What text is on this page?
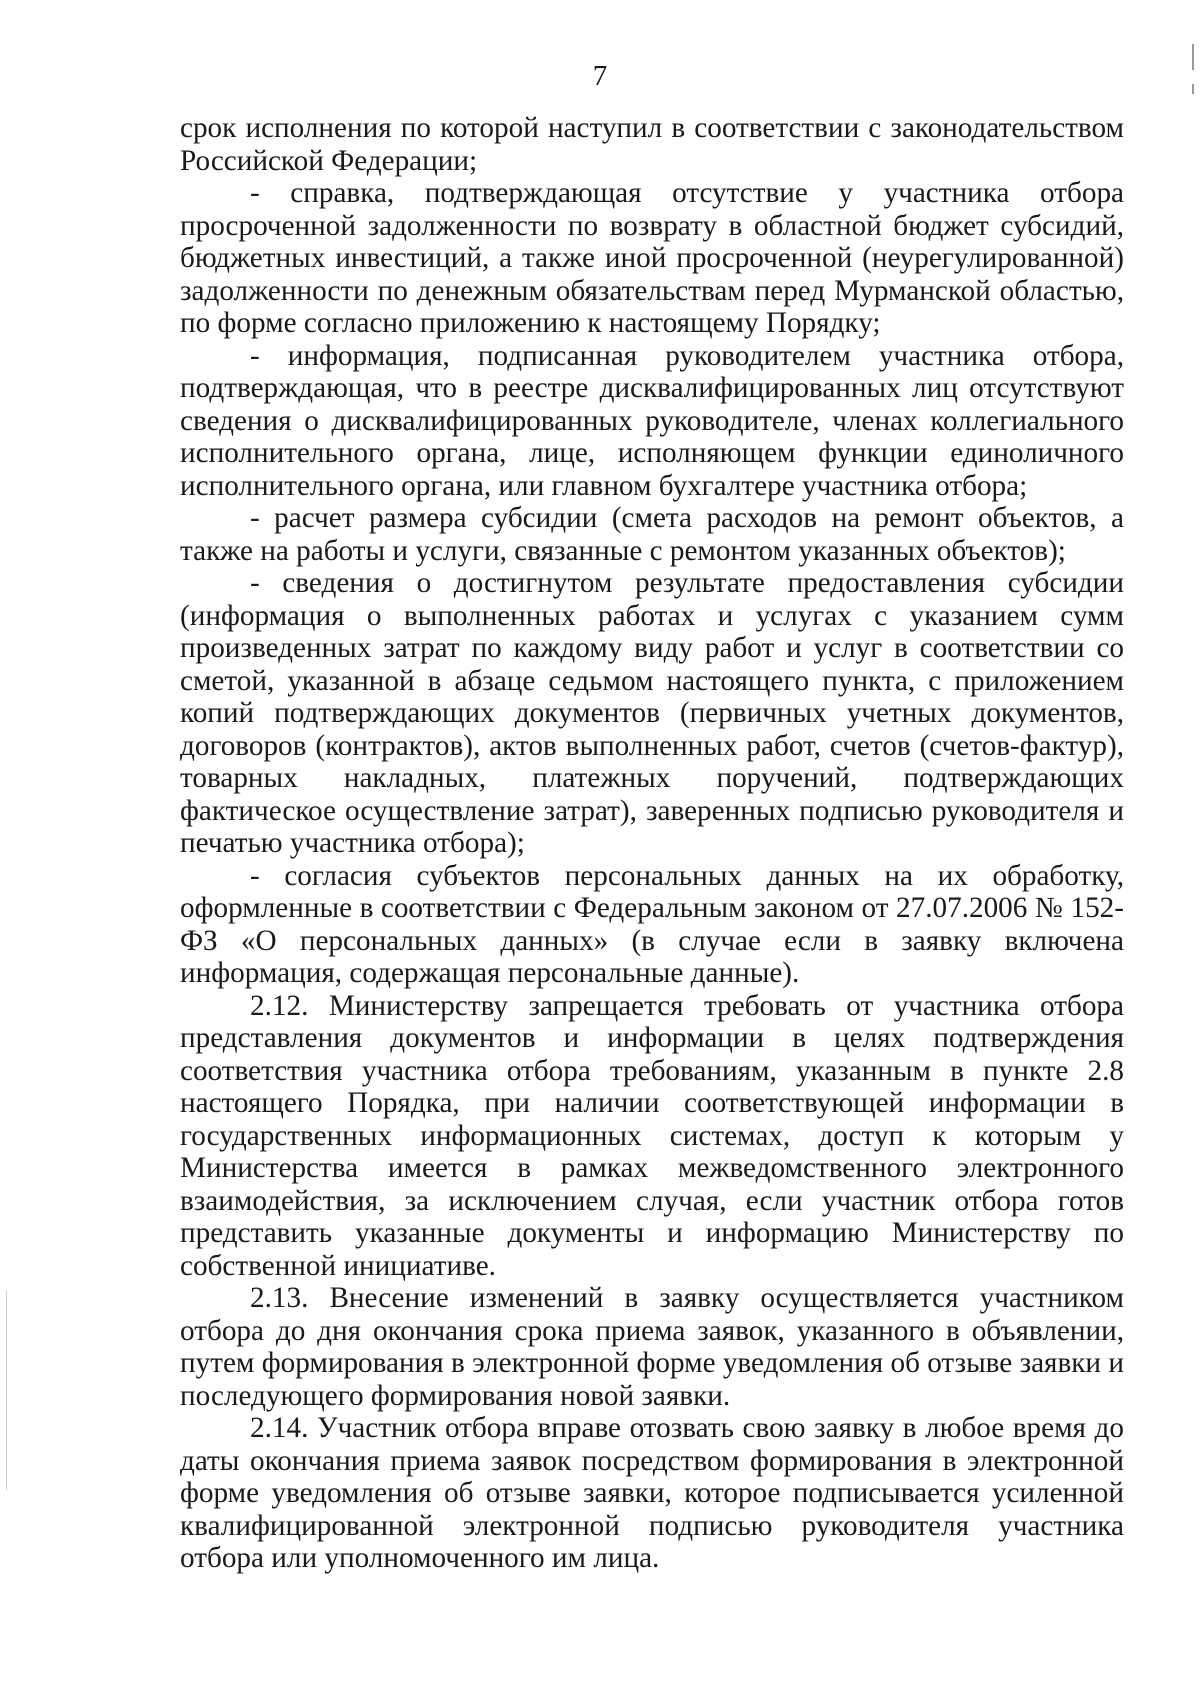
7

срок исполнения по которой наступил в соответствии с законодательством Российской Федерации;

- справка, подтверждающая отсутствие у участника отбора просроченной задолженности по возврату в областной бюджет субсидий, бюджетных инвестиций, а также иной просроченной (неурегулированной) задолженности по денежным обязательствам перед Мурманской областью, по форме согласно приложению к настоящему Порядку;

- информация, подписанная руководителем участника отбора, подтверждающая, что в реестре дисквалифицированных лиц отсутствуют сведения о дисквалифицированных руководителе, членах коллегиального исполнительного органа, лице, исполняющем функции единоличного исполнительного органа, или главном бухгалтере участника отбора;

- расчет размера субсидии (смета расходов на ремонт объектов, а также на работы и услуги, связанные с ремонтом указанных объектов);

- сведения о достигнутом результате предоставления субсидии (информация о выполненных работах и услугах с указанием сумм произведенных затрат по каждому виду работ и услуг в соответствии со сметой, указанной в абзаце седьмом настоящего пункта, с приложением копий подтверждающих документов (первичных учетных документов, договоров (контрактов), актов выполненных работ, счетов (счетов-фактур), товарных накладных, платежных поручений, подтверждающих фактическое осуществление затрат), заверенных подписью руководителя и печатью участника отбора);

- согласия субъектов персональных данных на их обработку, оформленные в соответствии с Федеральным законом от 27.07.2006 № 152-ФЗ «О персональных данных» (в случае если в заявку включена информация, содержащая персональные данные).

2.12. Министерству запрещается требовать от участника отбора представления документов и информации в целях подтверждения соответствия участника отбора требованиям, указанным в пункте 2.8 настоящего Порядка, при наличии соответствующей информации в государственных информационных системах, доступ к которым у Министерства имеется в рамках межведомственного электронного взаимодействия, за исключением случая, если участник отбора готов представить указанные документы и информацию Министерству по собственной инициативе.

2.13. Внесение изменений в заявку осуществляется участником отбора до дня окончания срока приема заявок, указанного в объявлении, путем формирования в электронной форме уведомления об отзыве заявки и последующего формирования новой заявки.

2.14. Участник отбора вправе отозвать свою заявку в любое время до даты окончания приема заявок посредством формирования в электронной форме уведомления об отзыве заявки, которое подписывается усиленной квалифицированной электронной подписью руководителя участника отбора или уполномоченного им лица.
